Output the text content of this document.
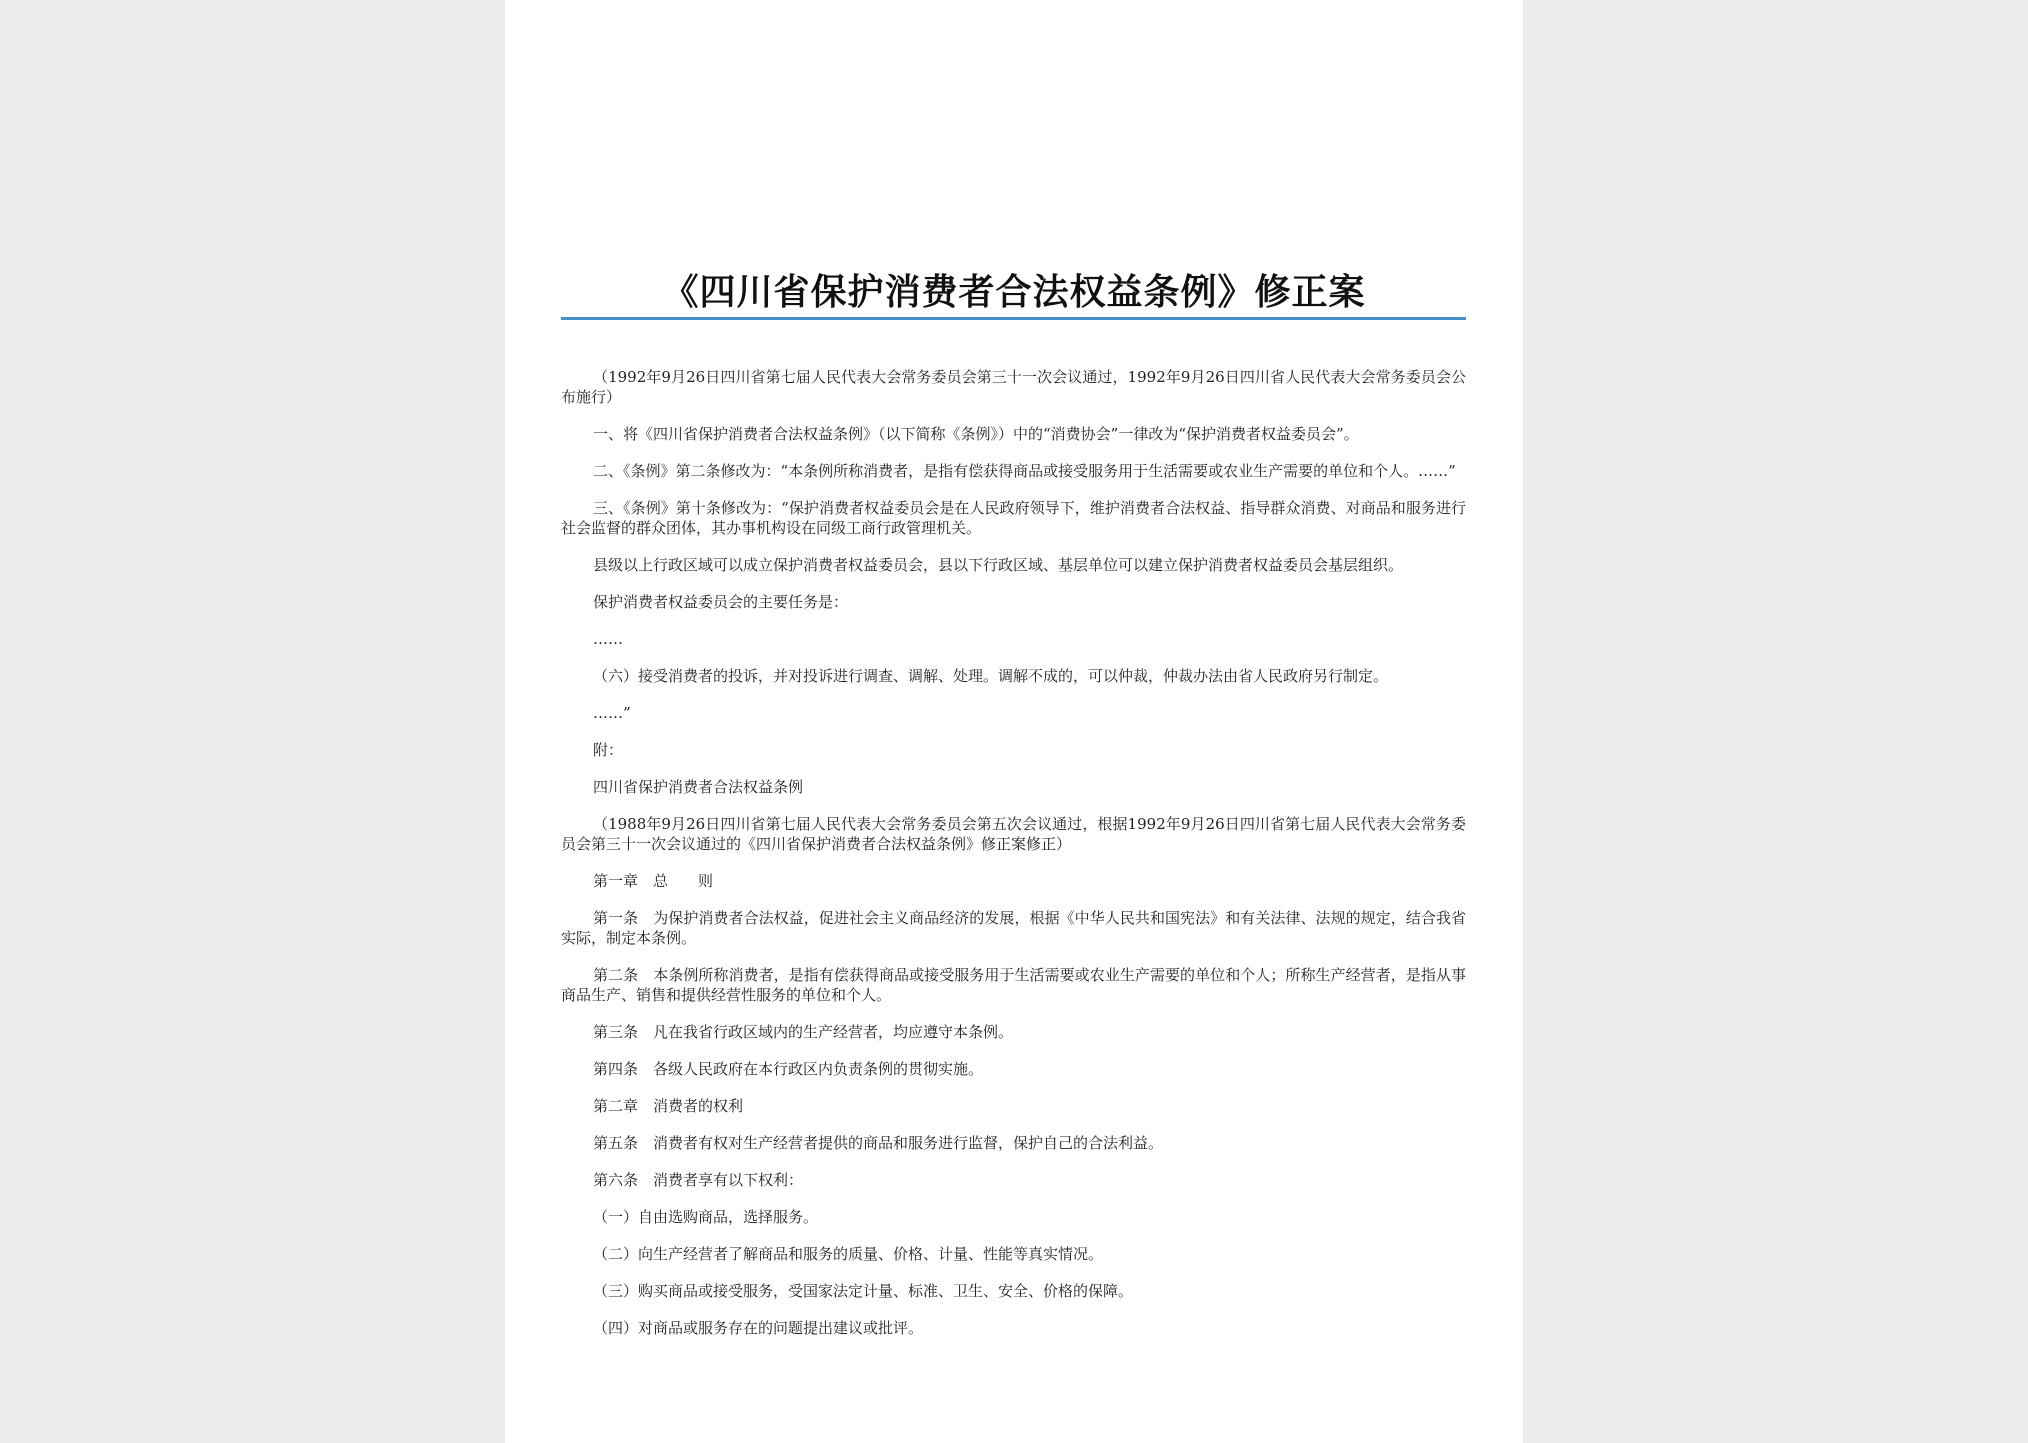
《四川省保护消费者合法权益条例》修正案

（1992年9月26日四川省第七届人民代表大会常务委员会第三十一次会议通过，1992年9月26日四川省人民代表大会常务委员会公布施行）

一、将《四川省保护消费者合法权益条例》（以下简称《条例》）中的“消费协会”一律改为“保护消费者权益委员会”。

二、《条例》第二条修改为：“本条例所称消费者，是指有偿获得商品或接受服务用于生活需要或农业生产需要的单位和个人。……”

三、《条例》第十条修改为：“保护消费者权益委员会是在人民政府领导下，维护消费者合法权益、指导群众消费、对商品和服务进行社会监督的群众团体，其办事机构设在同级工商行政管理机关。

县级以上行政区域可以成立保护消费者权益委员会，县以下行政区域、基层单位可以建立保护消费者权益委员会基层组织。

保护消费者权益委员会的主要任务是：

……

（六）接受消费者的投诉，并对投诉进行调查、调解、处理。调解不成的，可以仲裁，仲裁办法由省人民政府另行制定。

……”

附：

四川省保护消费者合法权益条例

（1988年9月26日四川省第七届人民代表大会常务委员会第五次会议通过，根据1992年9月26日四川省第七届人民代表大会常务委员会第三十一次会议通过的《四川省保护消费者合法权益条例》修正案修正）

第一章　总　　则

第一条　为保护消费者合法权益，促进社会主义商品经济的发展，根据《中华人民共和国宪法》和有关法律、法规的规定，结合我省实际，制定本条例。

第二条　本条例所称消费者，是指有偿获得商品或接受服务用于生活需要或农业生产需要的单位和个人；所称生产经营者，是指从事商品生产、销售和提供经营性服务的单位和个人。

第三条　凡在我省行政区域内的生产经营者，均应遵守本条例。

第四条　各级人民政府在本行政区内负责条例的贯彻实施。

第二章　消费者的权利

第五条　消费者有权对生产经营者提供的商品和服务进行监督，保护自己的合法利益。

第六条　消费者享有以下权利：

（一）自由选购商品，选择服务。

（二）向生产经营者了解商品和服务的质量、价格、计量、性能等真实情况。

（三）购买商品或接受服务，受国家法定计量、标准、卫生、安全、价格的保障。

（四）对商品或服务存在的问题提出建议或批评。
